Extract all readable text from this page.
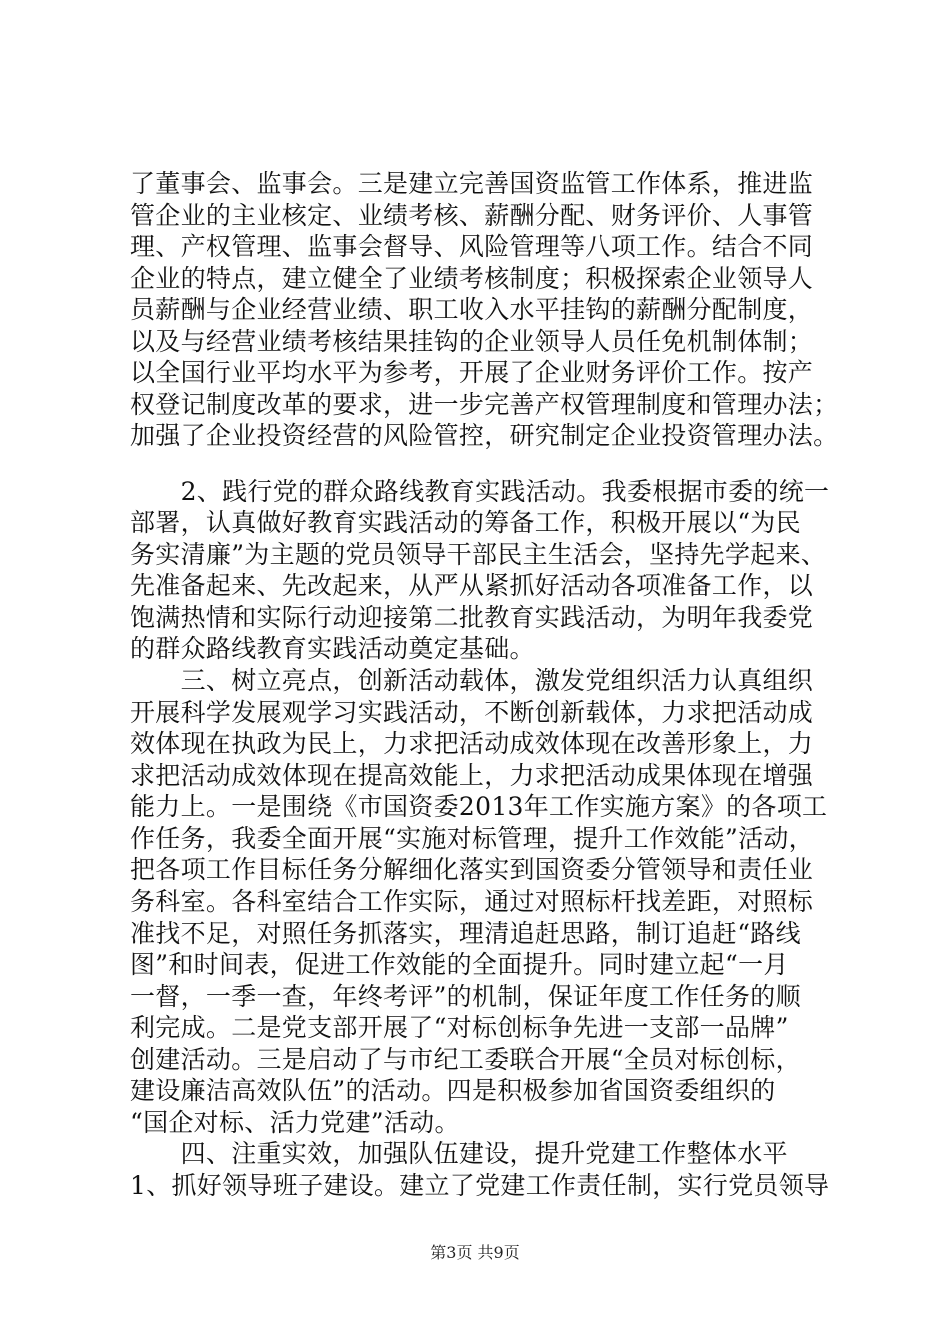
了董事会、监事会。三是建立完善国资监管工作体系，推进监
管企业的主业核定、业绩考核、薪酬分配、财务评价、人事管
理、产权管理、监事会督导、风险管理等八项工作。结合不同
企业的特点，建立健全了业绩考核制度；积极探索企业领导人
员薪酬与企业经营业绩、职工收入水平挂钩的薪酬分配制度，
以及与经营业绩考核结果挂钩的企业领导人员任免机制体制；
以全国行业平均水平为参考，开展了企业财务评价工作。按产
权登记制度改革的要求，进一步完善产权管理制度和管理办法；
加强了企业投资经营的风险管控，研究制定企业投资管理办法。
　　2、践行党的群众路线教育实践活动。我委根据市委的统一
部署，认真做好教育实践活动的筹备工作，积极开展以“为民
务实清廉”为主题的党员领导干部民主生活会，坚持先学起来、
先准备起来、先改起来，从严从紧抓好活动各项准备工作，以
饱满热情和实际行动迎接第二批教育实践活动，为明年我委党
的群众路线教育实践活动奠定基础。
　　三、树立亮点，创新活动载体，激发党组织活力认真组织
开展科学发展观学习实践活动，不断创新载体，力求把活动成
效体现在执政为民上，力求把活动成效体现在改善形象上，力
求把活动成效体现在提高效能上，力求把活动成果体现在增强
能力上。一是围绕《市国资委2013年工作实施方案》的各项工
作任务，我委全面开展“实施对标管理，提升工作效能”活动，
把各项工作目标任务分解细化落实到国资委分管领导和责任业
务科室。各科室结合工作实际，通过对照标杆找差距，对照标
准找不足，对照任务抓落实，理清追赶思路，制订追赶“路线
图”和时间表，促进工作效能的全面提升。同时建立起“一月
一督，一季一查，年终考评”的机制，保证年度工作任务的顺
利完成。二是党支部开展了“对标创标争先进一支部一品牌”
创建活动。三是启动了与市纪工委联合开展“全员对标创标，
建设廉洁高效队伍”的活动。四是积极参加省国资委组织的
“国企对标、活力党建”活动。
　　四、注重实效，加强队伍建设，提升党建工作整体水平
1、抓好领导班子建设。建立了党建工作责任制，实行党员领导
第3页 共9页
